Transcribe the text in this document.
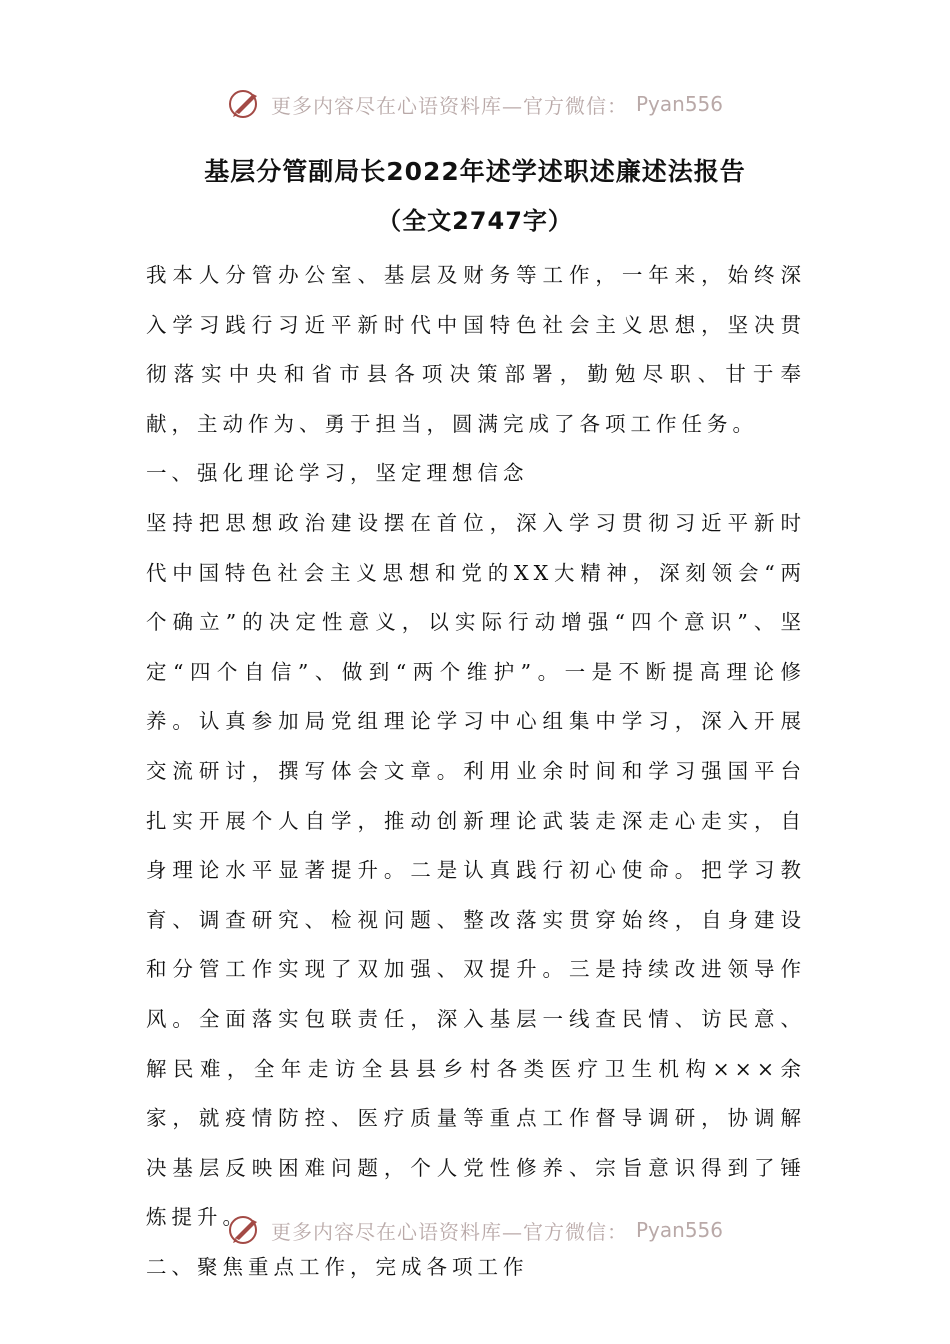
更多内容尽在心语资料库—官方微信： Pyan556
基层分管副局长2022年述学述职述廉述法报告
（全文2747字）

我本人分管办公室、基层及财务等工作，一年来，始终深入学习践行习近平新时代中国特色社会主义思想，坚决贯彻落实中央和省市县各项决策部署，勤勉尽职、甘于奉献，主动作为、勇于担当，圆满完成了各项工作任务。

一、强化理论学习，坚定理想信念

坚持把思想政治建设摆在首位，深入学习贯彻习近平新时代中国特色社会主义思想和党的XX大精神，深刻领会“两个确立”的决定性意义，以实际行动增强“四个意识”、坚定“四个自信”、做到“两个维护”。一是不断提高理论修养。认真参加局党组理论学习中心组集中学习，深入开展交流研讨，撰写体会文章。利用业余时间和学习强国平台扎实开展个人自学，推动创新理论武装走深走心走实，自身理论水平显著提升。二是认真践行初心使命。把学习教育、调查研究、检视问题、整改落实贯穿始终，自身建设和分管工作实现了双加强、双提升。三是持续改进领导作风。全面落实包联责任，深入基层一线查民情、访民意、解民难，全年走访全县县乡村各类医疗卫生机构×××余家，就疫情防控、医疗质量等重点工作督导调研，协调解决基层反映困难问题，个人党性修养、宗旨意识得到了锤炼提升。

二、聚焦重点工作，完成各项工作

更多内容尽在心语资料库—官方微信： Pyan556
